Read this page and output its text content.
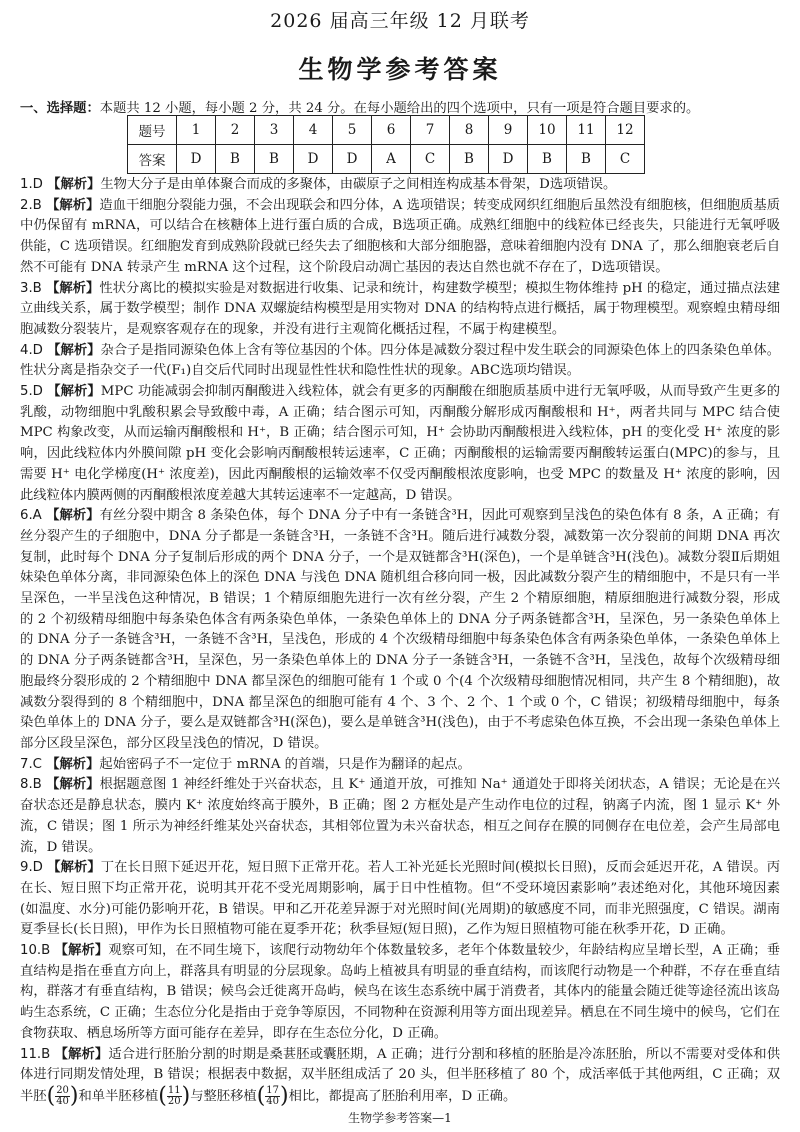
2026 届高三年级 12 月联考
生物学参考答案
一、选择题：本题共 12 小题，每小题 2 分，共 24 分。在每小题给出的四个选项中，只有一项是符合题目要求的。
题号	1	2	3	4	5	6	7	8	9	10	11	12
答案	D	B	B	D	D	A	C	B	D	B	B	C

1.D 【解析】生物大分子是由单体聚合而成的多聚体，由碳原子之间相连构成基本骨架，D选项错误。

2.B 【解析】造血干细胞分裂能力强，不会出现联会和四分体，A 选项错误；转变成网织红细胞后虽然没有细胞核，但细胞质基质中仍保留有 mRNA，可以结合在核糖体上进行蛋白质的合成，B选项正确。成熟红细胞中的线粒体已经丧失，只能进行无氧呼吸供能，C 选项错误。红细胞发育到成熟阶段就已经失去了细胞核和大部分细胞器，意味着细胞内没有 DNA 了，那么细胞衰老后自然不可能有 DNA 转录产生 mRNA 这个过程，这个阶段启动凋亡基因的表达自然也就不存在了，D选项错误。

3.B 【解析】性状分离比的模拟实验是对数据进行收集、记录和统计，构建数学模型；模拟生物体维持 pH 的稳定，通过描点法建立曲线关系，属于数学模型；制作 DNA 双螺旋结构模型是用实物对 DNA 的结构特点进行概括，属于物理模型。观察蝗虫精母细胞减数分裂装片，是观察客观存在的现象，并没有进行主观简化概括过程，不属于构建模型。

4.D 【解析】杂合子是指同源染色体上含有等位基因的个体。四分体是减数分裂过程中发生联会的同源染色体上的四条染色单体。性状分离是指杂交子一代(F₁)自交后代同时出现显性性状和隐性性状的现象。ABC选项均错误。

5.D 【解析】MPC 功能减弱会抑制丙酮酸进入线粒体，就会有更多的丙酮酸在细胞质基质中进行无氧呼吸，从而导致产生更多的乳酸，动物细胞中乳酸积累会导致酸中毒，A 正确；结合图示可知，丙酮酸分解形成丙酮酸根和 H⁺，两者共同与 MPC 结合使 MPC 构象改变，从而运输丙酮酸根和 H⁺，B 正确；结合图示可知，H⁺ 会协助丙酮酸根进入线粒体，pH 的变化受 H⁺ 浓度的影响，因此线粒体内外膜间隙 pH 变化会影响丙酮酸根转运速率，C 正确；丙酮酸根的运输需要丙酮酸转运蛋白(MPC)的参与，且需要 H⁺ 电化学梯度(H⁺ 浓度差)，因此丙酮酸根的运输效率不仅受丙酮酸根浓度影响，也受 MPC 的数量及 H⁺ 浓度的影响，因此线粒体内膜两侧的丙酮酸根浓度差越大其转运速率不一定越高，D 错误。

6.A 【解析】有丝分裂中期含 8 条染色体，每个 DNA 分子中有一条链含³H，因此可观察到呈浅色的染色体有 8 条，A 正确；有丝分裂产生的子细胞中，DNA 分子都是一条链含³H，一条链不含³H。随后进行减数分裂，减数第一次分裂前的间期 DNA 再次复制，此时每个 DNA 分子复制后形成的两个 DNA 分子，一个是双链都含³H(深色)，一个是单链含³H(浅色)。减数分裂Ⅱ后期姐妹染色单体分离，非同源染色体上的深色 DNA 与浅色 DNA 随机组合移向同一极，因此减数分裂产生的精细胞中，不是只有一半呈深色，一半呈浅色这种情况，B 错误；1 个精原细胞先进行一次有丝分裂，产生 2 个精原细胞，精原细胞进行减数分裂，形成的 2 个初级精母细胞中每条染色体含有两条染色单体，一条染色单体上的 DNA 分子两条链都含³H，呈深色，另一条染色单体上的 DNA 分子一条链含³H，一条链不含³H，呈浅色，形成的 4 个次级精母细胞中每条染色体含有两条染色单体，一条染色单体上的 DNA 分子两条链都含³H，呈深色，另一条染色单体上的 DNA 分子一条链含³H，一条链不含³H，呈浅色，故每个次级精母细胞最终分裂形成的 2 个精细胞中 DNA 都呈深色的细胞可能有 1 个或 0 个(4 个次级精母细胞情况相同，共产生 8 个精细胞)，故减数分裂得到的 8 个精细胞中，DNA 都呈深色的细胞可能有 4 个、3 个、2 个、1 个或 0 个，C 错误；初级精母细胞中，每条染色单体上的 DNA 分子，要么是双链都含³H(深色)，要么是单链含³H(浅色)，由于不考虑染色体互换，不会出现一条染色单体上部分区段呈深色，部分区段呈浅色的情况，D 错误。

7.C 【解析】起始密码子不一定位于 mRNA 的首端，只是作为翻译的起点。

8.B 【解析】根据题意图 1 神经纤维处于兴奋状态，且 K⁺ 通道开放，可推知 Na⁺ 通道处于即将关闭状态，A 错误；无论是在兴奋状态还是静息状态，膜内 K⁺ 浓度始终高于膜外，B 正确；图 2 方框处是产生动作电位的过程，钠离子内流，图 1 显示 K⁺ 外流，C 错误；图 1 所示为神经纤维某处兴奋状态，其相邻位置为未兴奋状态，相互之间存在膜的同侧存在电位差，会产生局部电流，D 错误。

9.D 【解析】丁在长日照下延迟开花，短日照下正常开花。若人工补光延长光照时间(模拟长日照)，反而会延迟开花，A 错误。丙在长、短日照下均正常开花，说明其开花不受光周期影响，属于日中性植物。但“不受环境因素影响”表述绝对化，其他环境因素(如温度、水分)可能仍影响开花，B 错误。甲和乙开花差异源于对光照时间(光周期)的敏感度不同，而非光照强度，C 错误。湖南夏季昼长(长日照)，甲作为长日照植物可能在夏季开花；秋季昼短(短日照)，乙作为短日照植物可能在秋季开花，D 正确。

10.B 【解析】观察可知，在不同生境下，该爬行动物幼年个体数量较多，老年个体数量较少，年龄结构应呈增长型，A 正确；垂直结构是指在垂直方向上，群落具有明显的分层现象。岛屿上植被具有明显的垂直结构，而该爬行动物是一个种群，不存在垂直结构，群落才有垂直结构，B 错误；候鸟会迁徙离开岛屿，候鸟在该生态系统中属于消费者，其体内的能量会随迁徙等途径流出该岛屿生态系统，C 正确；生态位分化是指由于竞争等原因，不同物种在资源利用等方面出现差异。栖息在不同生境中的候鸟，它们在食物获取、栖息场所等方面可能存在差异，即存在生态位分化，D 正确。

11.B 【解析】适合进行胚胎分割的时期是桑葚胚或囊胚期，A 正确；进行分割和移植的胚胎是冷冻胚胎，所以不需要对受体和供体进行同期发情处理，B 错误；根据表中数据，双半胚组成活了 20 头，但半胚移植了 80 个，成活率低于其他两组，C 正确；双半胚( $\frac{20}{40}$ )和单半胚移植( $\frac{11}{20}$ )与整胚移植( $\frac{17}{40}$ )相比，都提高了胚胎利用率，D 正确。

生物学参考答案—1
